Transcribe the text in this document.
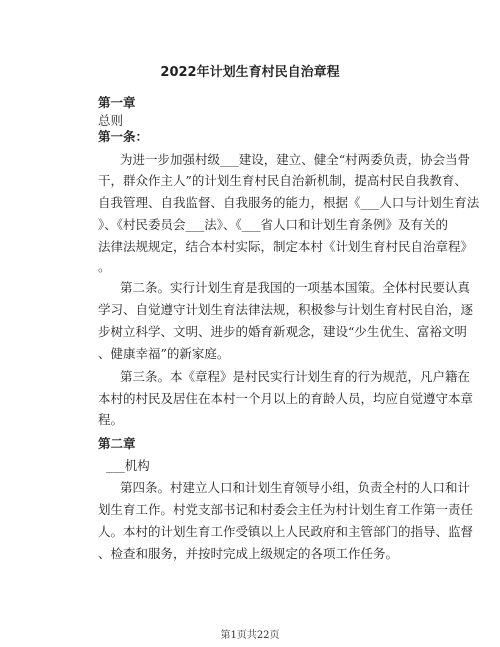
2022年计划生育村民自治章程
第一章
总则
第一条：
为进一步加强村级___建设，建立、健全“村两委负责，协会当骨
干，群众作主人”的计划生育村民自治新机制，提高村民自我教育、
自我管理、自我监督、自我服务的能力，根据《___人口与计划生育法
》、《村民委员会___法》、《___省人口和计划生育条例》及有关的
法律法规规定，结合本村实际，制定本村《计划生育村民自治章程》
。
第二条。实行计划生育是我国的一项基本国策。全体村民要认真
学习、自觉遵守计划生育法律法规，积极参与计划生育村民自治，逐
步树立科学、文明、进步的婚育新观念，建设“少生优生、富裕文明
、健康幸福”的新家庭。
第三条。本《章程》是村民实行计划生育的行为规范，凡户籍在
本村的村民及居住在本村一个月以上的育龄人员，均应自觉遵守本章
程。
第二章
___机构
第四条。村建立人口和计划生育领导小组，负责全村的人口和计
划生育工作。村党支部书记和村委会主任为村计划生育工作第一责任
人。本村的计划生育工作受镇以上人民政府和主管部门的指导、监督
、检查和服务，并按时完成上级规定的各项工作任务。
第1页共22页
